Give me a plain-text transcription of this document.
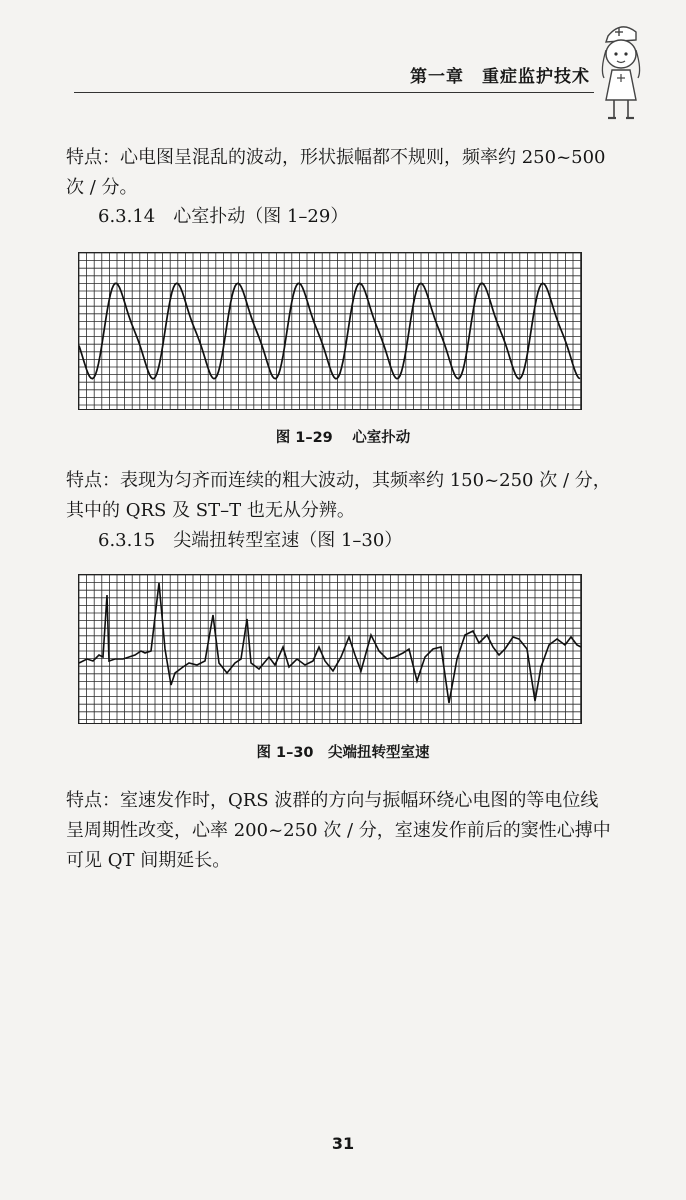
第一章　重症监护技术

特点：心电图呈混乱的波动，形状振幅都不规则，频率约 250~500 次 / 分。

6.3.14　心室扑动（图 1–29）
图 1–29　 心室扑动

特点：表现为匀齐而连续的粗大波动，其频率约 150~250 次 / 分，其中的 QRS 及 ST–T 也无从分辨。

6.3.15　尖端扭转型室速（图 1–30）
图 1–30　尖端扭转型室速

特点：室速发作时，QRS 波群的方向与振幅环绕心电图的等电位线呈周期性改变，心率 200~250 次 / 分，室速发作前后的窦性心搏中可见 QT 间期延长。

31
